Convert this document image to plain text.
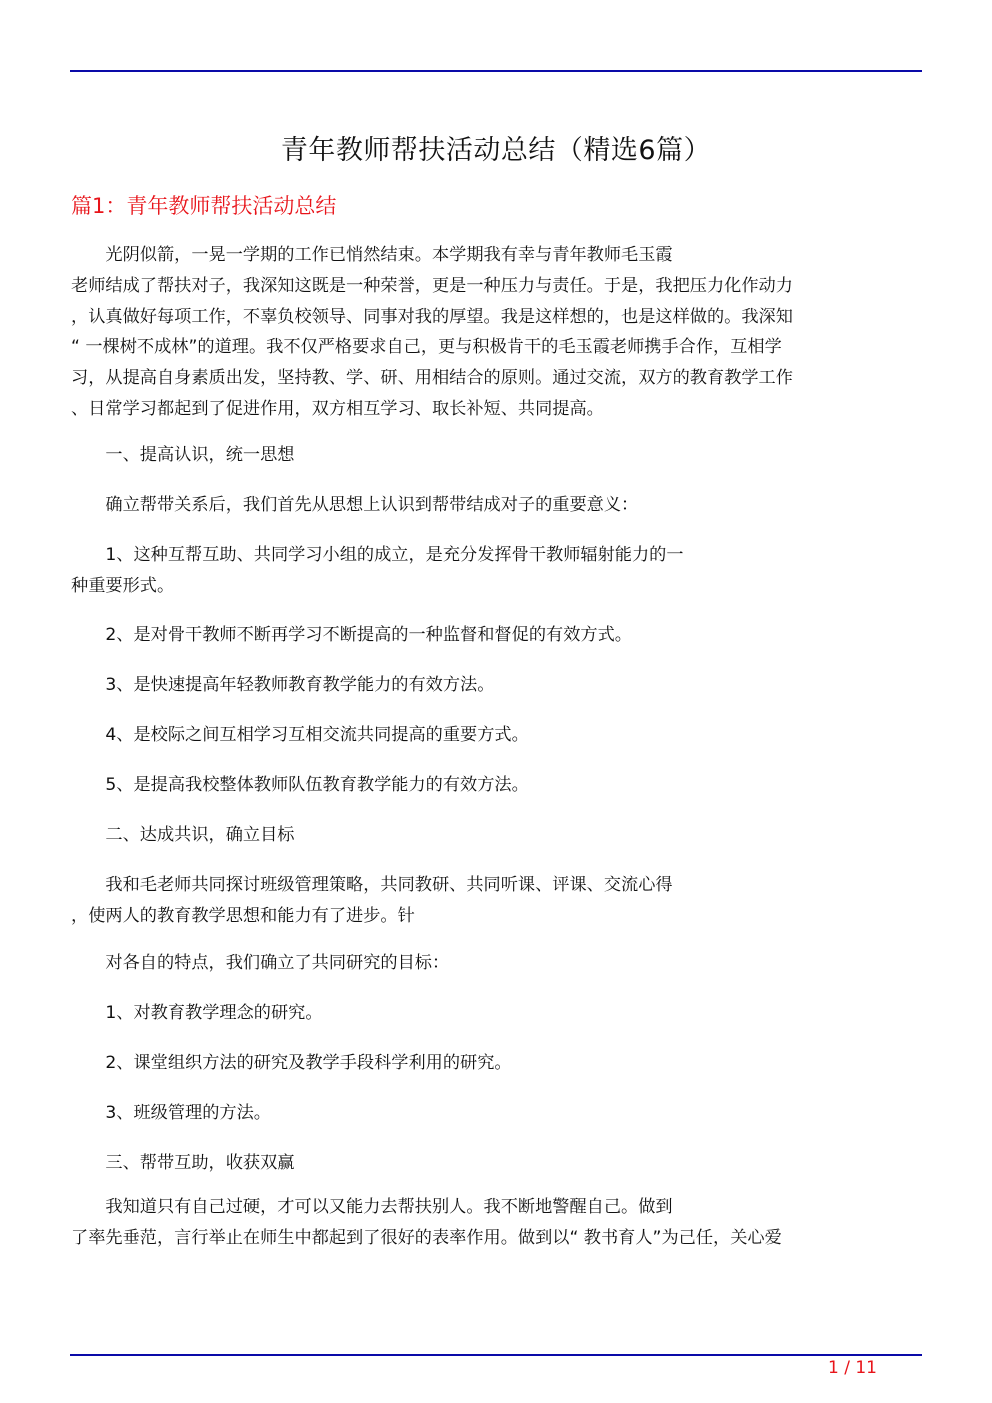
青年教师帮扶活动总结（精选6篇）
篇1：青年教师帮扶活动总结
　　光阴似箭，一晃一学期的工作已悄然结束。本学期我有幸与青年教师毛玉霞
老师结成了帮扶对子，我深知这既是一种荣誉，更是一种压力与责任。于是，我把压力化作动力
，认真做好每项工作，不辜负校领导、同事对我的厚望。我是这样想的，也是这样做的。我深知
“ 一棵树不成林”的道理。我不仅严格要求自己，更与积极肯干的毛玉霞老师携手合作，互相学
习，从提高自身素质出发，坚持教、学、研、用相结合的原则。通过交流，双方的教育教学工作
、日常学习都起到了促进作用，双方相互学习、取长补短、共同提高。
　　一、提高认识，统一思想
　　确立帮带关系后，我们首先从思想上认识到帮带结成对子的重要意义：
　　1、这种互帮互助、共同学习小组的成立，是充分发挥骨干教师辐射能力的一
种重要形式。
　　2、是对骨干教师不断再学习不断提高的一种监督和督促的有效方式。
　　3、是快速提高年轻教师教育教学能力的有效方法。
　　4、是校际之间互相学习互相交流共同提高的重要方式。
　　5、是提高我校整体教师队伍教育教学能力的有效方法。
　　二、达成共识，确立目标
　　我和毛老师共同探讨班级管理策略，共同教研、共同听课、评课、交流心得
，使两人的教育教学思想和能力有了进步。针
　　对各自的特点，我们确立了共同研究的目标：
　　1、对教育教学理念的研究。
　　2、课堂组织方法的研究及教学手段科学利用的研究。
　　3、班级管理的方法。
　　三、帮带互助，收获双赢
　　我知道只有自己过硬，才可以又能力去帮扶别人。我不断地警醒自己。做到
了率先垂范，言行举止在师生中都起到了很好的表率作用。做到以“ 教书育人”为己任，关心爱
1 / 11
